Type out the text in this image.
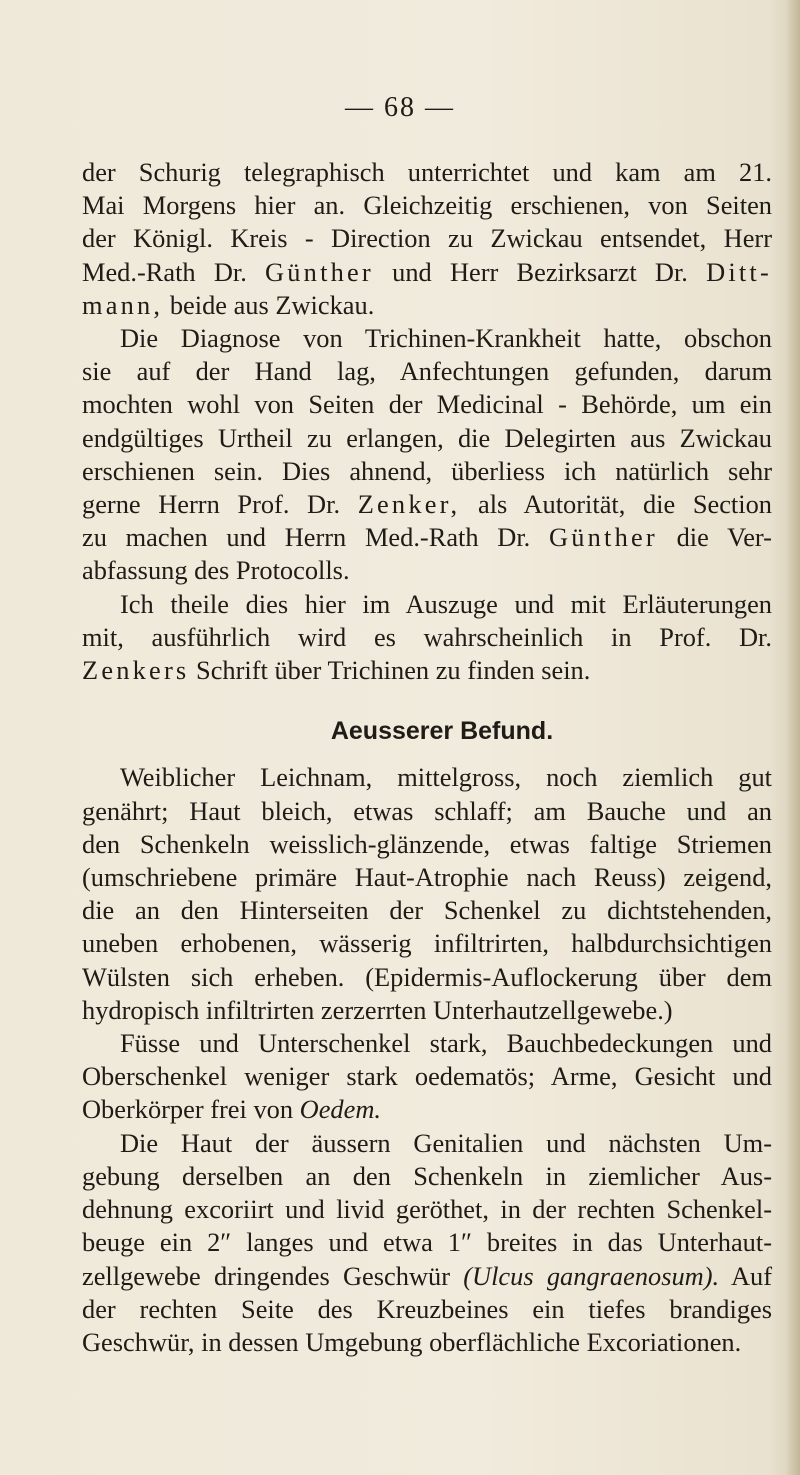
— 68 —
der Schurig telegraphisch unterrichtet und kam am 21.
Mai Morgens hier an. Gleichzeitig erschienen, von Seiten
der Königl. Kreis - Direction zu Zwickau entsendet, Herr
Med.-Rath Dr. Günther und Herr Bezirksarzt Dr. Ditt-
mann, beide aus Zwickau.
Die Diagnose von Trichinen-Krankheit hatte, obschon
sie auf der Hand lag, Anfechtungen gefunden, darum
mochten wohl von Seiten der Medicinal - Behörde, um ein
endgültiges Urtheil zu erlangen, die Delegirten aus Zwickau
erschienen sein. Dies ahnend, überliess ich natürlich sehr
gerne Herrn Prof. Dr. Zenker, als Autorität, die Section
zu machen und Herrn Med.-Rath Dr. Günther die Ver-
abfassung des Protocolls.
Ich theile dies hier im Auszuge und mit Erläuterungen
mit, ausführlich wird es wahrscheinlich in Prof. Dr.
Zenkers Schrift über Trichinen zu finden sein.
Aeusserer Befund.
Weiblicher Leichnam, mittelgross, noch ziemlich gut
genährt; Haut bleich, etwas schlaff; am Bauche und an
den Schenkeln weisslich-glänzende, etwas faltige Striemen
(umschriebene primäre Haut-Atrophie nach Reuss) zeigend,
die an den Hinterseiten der Schenkel zu dichtstehenden,
uneben erhobenen, wässerig infiltrirten, halbdurchsichtigen
Wülsten sich erheben. (Epidermis-Auflockerung über dem
hydropisch infiltrirten zerzerrten Unterhautzellgewebe.)
Füsse und Unterschenkel stark, Bauchbedeckungen und
Oberschenkel weniger stark oedematös; Arme, Gesicht und
Oberkörper frei von Oedem.
Die Haut der äussern Genitalien und nächsten Um-
gebung derselben an den Schenkeln in ziemlicher Aus-
dehnung excoriirt und livid geröthet, in der rechten Schenkel-
beuge ein 2″ langes und etwa 1″ breites in das Unterhaut-
zellgewebe dringendes Geschwür (Ulcus gangraenosum). Auf
der rechten Seite des Kreuzbeines ein tiefes brandiges
Geschwür, in dessen Umgebung oberflächliche Excoriationen.
